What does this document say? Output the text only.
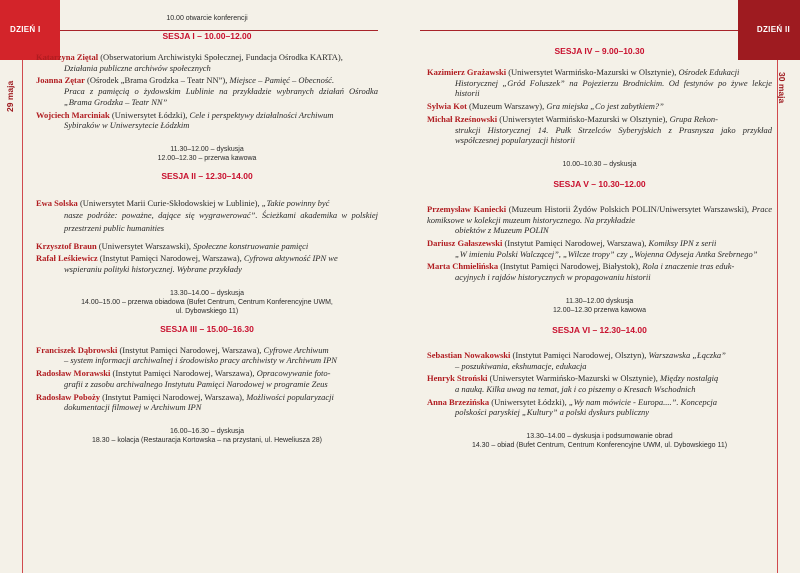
DZIEŃ I	DZIEŃ II
29 maja	30 maja

10.00 otwarcie konferencji

SESJA I – 10.00–12.00

Katarzyna Ziętal (Obserwatorium Archiwistyki Społecznej, Fundacja Ośrodka KARTA),
Działania publiczne archiwów społecznych

Joanna Zętar (Ośrodek „Brama Grodzka – Teatr NN”), Miejsce – Pamięć – Obecność.
Praca z pamięcią o żydowskim Lublinie na przykładzie wybranych działań Ośrodka „Brama Grodzka – Teatr NN”

Wojciech Marciniak (Uniwersytet Łódzki), Cele i perspektywy działalności Archiwum
Sybiraków w Uniwersytecie Łódzkim

11.30–12.00 – dyskusja

12.00–12.30 – przerwa kawowa

SESJA II – 12.30–14.00

Ewa Solska (Uniwersytet Marii Curie-Skłodowskiej w Lublinie), „Takie powinny być
nasze podróże: poważne, dające się wygrawerować”. Ścieżkami akademika w polskiej przestrzeni public humanities

Krzysztof Braun (Uniwersytet Warszawski), Społeczne konstruowanie pamięci

Rafał Leśkiewicz (Instytut Pamięci Narodowej, Warszawa), Cyfrowa aktywność IPN we
wspieraniu polityki historycznej. Wybrane przykłady

13.30–14.00 – dyskusja

14.00–15.00 – przerwa obiadowa (Bufet Centrum, Centrum Konferencyjne UWM,

ul. Dybowskiego 11)

SESJA III – 15.00–16.30

Franciszek Dąbrowski (Instytut Pamięci Narodowej, Warszawa), Cyfrowe Archiwum
– system informacji archiwalnej i środowisko pracy archiwisty w Archiwum IPN

Radosław Morawski (Instytut Pamięci Narodowej, Warszawa), Opracowywanie foto-
grafii z zasobu archiwalnego Instytutu Pamięci Narodowej w programie Zeus

Radosław Poboży (Instytut Pamięci Narodowej, Warszawa), Możliwości popularyzacji
dokumentacji filmowej w Archiwum IPN

16.00–16.30 – dyskusja

18.30 – kolacja (Restauracja Kortowska – na przystani, ul. Heweliusza 28)

SESJA IV – 9.00–10.30

Kazimierz Grażawski (Uniwersytet Warmińsko-Mazurski w Olsztynie), Ośrodek Edukacji
Historycznej „Gród Foluszek” na Pojezierzu Brodnickim. Od festynów po żywe lekcje historii

Sylwia Kot (Muzeum Warszawy), Gra miejska „Co jest zabytkiem?”

Michał Rześnowski (Uniwersytet Warmińsko-Mazurski w Olsztynie), Grupa Rekon-
strukcji Historycznej 14. Pułk Strzelców Syberyjskich z Prasnysza jako przykład współczesnej popularyzacji historii

10.00–10.30 – dyskusja

SESJA V – 10.30–12.00

Przemysław Kaniecki (Muzeum Historii Żydów Polskich POLIN/Uniwersytet Warszawski), Prace komiksowe w kolekcji muzeum historycznego. Na przykładzie
obiektów z Muzeum POLIN

Dariusz Gałaszewski (Instytut Pamięci Narodowej, Warszawa), Komiksy IPN z serii
„W imieniu Polski Walczącej”, „Wilcze tropy” czy „Wojenna Odyseja Antka Srebrnego”

Marta Chmielińska (Instytut Pamięci Narodowej, Białystok), Rola i znaczenie tras eduk-
acyjnych i rajdów historycznych w propagowaniu historii

11.30–12.00 dyskusja

12.00–12.30 przerwa kawowa

SESJA VI – 12.30–14.00

Sebastian Nowakowski (Instytut Pamięci Narodowej, Olsztyn), Warszawska „Łączka”
– poszukiwania, ekshumacje, edukacja

Henryk Stroński (Uniwersytet Warmińsko-Mazurski w Olsztynie), Między nostalgią
a nauką. Kilka uwag na temat, jak i co piszemy o Kresach Wschodnich

Anna Brzezińska (Uniwersytet Łódzki), „Wy nam mówicie - Europa....”. Koncepcja
polskości paryskiej „Kultury” a polski dyskurs publiczny

13.30–14.00 – dyskusja i podsumowanie obrad

14.30 – obiad (Bufet Centrum, Centrum Konferencyjne UWM, ul. Dybowskiego 11)
